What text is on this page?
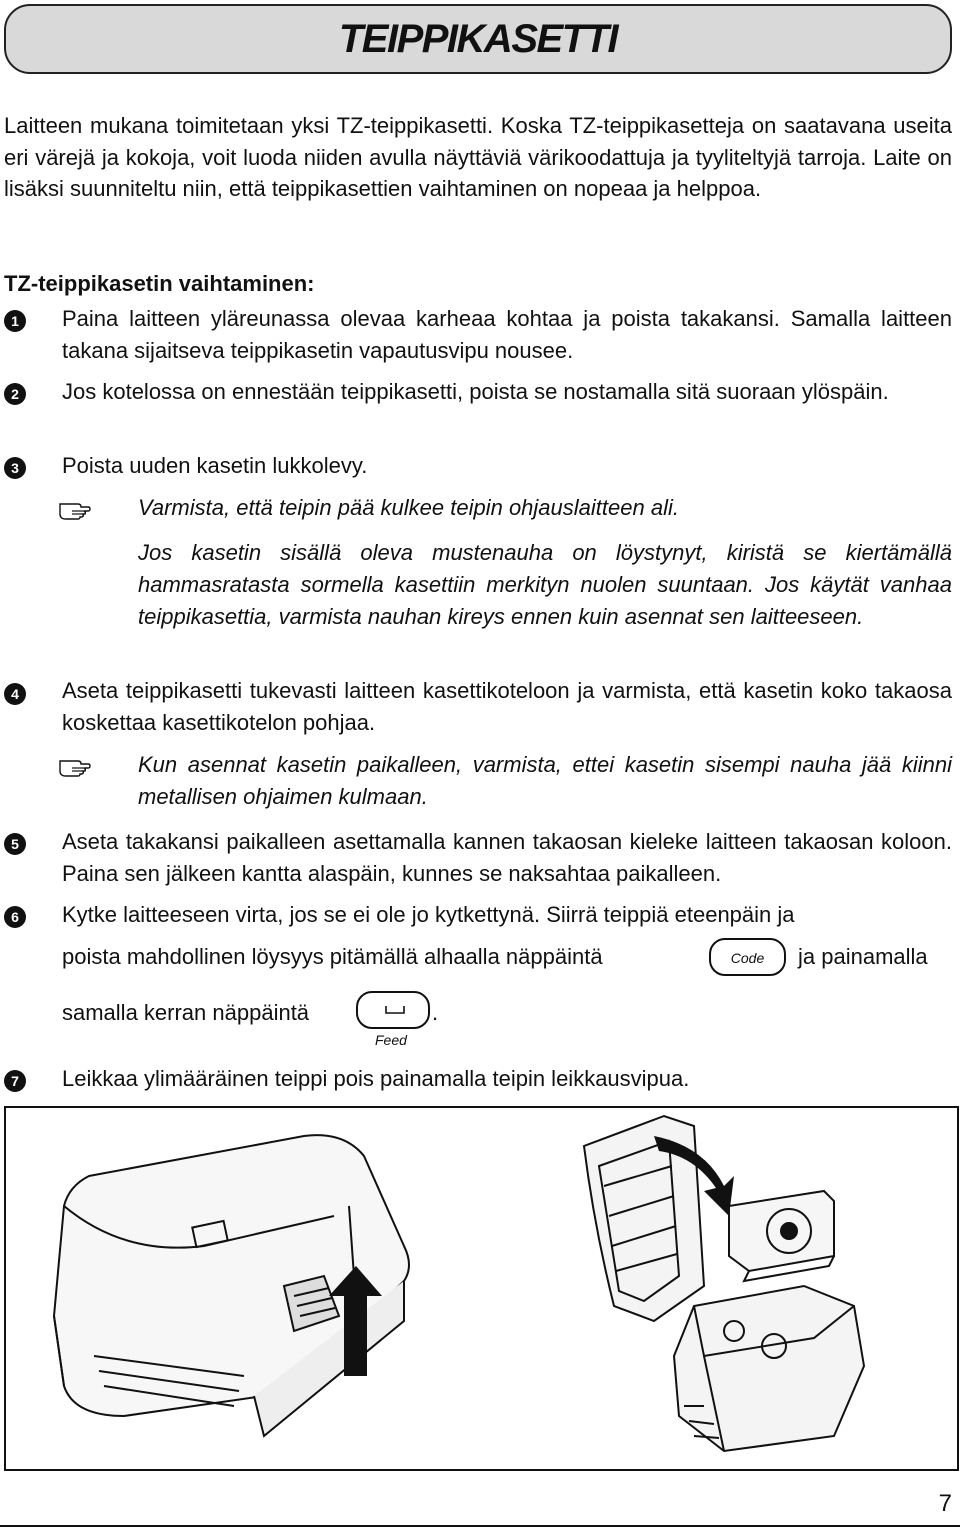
TEIPPIKASETTI
Laitteen mukana toimitetaan yksi TZ-teippikasetti. Koska TZ-teippikasetteja on saatavana useita eri värejä ja kokoja, voit luoda niiden avulla näyttäviä värikoodattuja ja tyyliteltyjä tarroja. Laite on lisäksi suunniteltu niin, että teippikasettien vaihtaminen on nopeaa ja helppoa.
TZ-teippikasetin vaihtaminen:
1	Paina laitteen yläreunassa olevaa karheaa kohtaa ja poista takakansi. Samalla laitteen takana sijaitseva teippikasetin vapautusvipu nousee.
2	Jos kotelossa on ennestään teippikasetti, poista se nostamalla sitä suoraan ylöspäin.
3	Poista uuden kasetin lukkolevy.
Varmista, että teipin pää kulkee teipin ohjauslaitteen ali.
Jos kasetin sisällä oleva mustenauha on löystynyt, kiristä se kiertämällä hammasratasta sormella kasettiin merkityn nuolen suuntaan. Jos käytät vanhaa teippikasettia, varmista nauhan kireys ennen kuin asennat sen laitteeseen.
4	Aseta teippikasetti tukevasti laitteen kasettikoteloon ja varmista, että kasetin koko takaosa koskettaa kasettikotelon pohjaa.
Kun asennat kasetin paikalleen, varmista, ettei kasetin sisempi nauha jää kiinni metallisen ohjaimen kulmaan.
5	Aseta takakansi paikalleen asettamalla kannen takaosan kieleke laitteen takaosan koloon. Paina sen jälkeen kantta alaspäin, kunnes se naksahtaa paikalleen.
6	Kytke laitteeseen virta, jos se ei ole jo kytkettynä. Siirrä teippiä eteenpäin ja
poista mahdollinen löysyys pitämällä alhaalla näppäintä	Code	ja painamalla
samalla kerran näppäintä	.
Feed
7	Leikkaa ylimääräinen teippi pois painamalla teipin leikkausvipua.
7
